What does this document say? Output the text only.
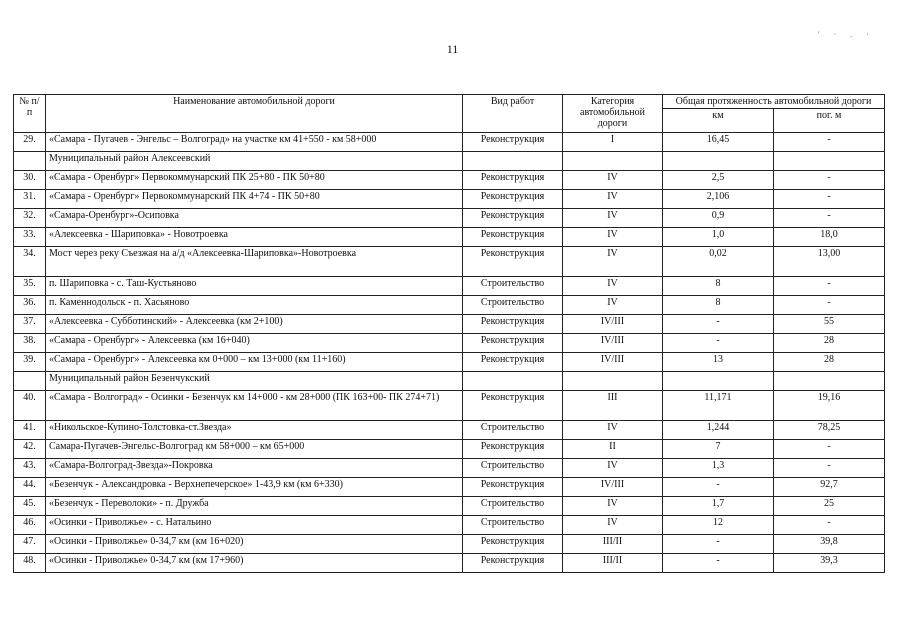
11
' · . ·
№ п/п	Наименование автомобильной дороги	Вид работ	Категория автомобильной дороги	Общая протяженность автомобильной дороги	
				км	пог. м
29.	«Самара - Пугачев - Энгельс – Волгоград» на участке км 41+550 - км 58+000	Реконструкция	I	16,45	-
	Муниципальный район Алексеевский				
30.	«Самара - Оренбург» Первокоммунарский ПК 25+80 - ПК 50+80	Реконструкция	IV	2,5	-
31.	«Самара - Оренбург» Первокоммунарский ПК 4+74 - ПК 50+80	Реконструкция	IV	2,106	-
32.	«Самара-Оренбург»-Осиповка	Реконструкция	IV	0,9	-
33.	«Алексеевка - Шариповка» - Новотроевка	Реконструкция	IV	1,0	18,0
34.	Мост через реку Съезжая на а/д «Алексеевка-Шариповка»-Новотроевка	Реконструкция	IV	0,02	13,00
35.	п. Шариповка - с. Таш-Кустьяново	Строительство	IV	8	-
36.	п. Каменнодольск - п. Хасьяново	Строительство	IV	8	-
37.	«Алексеевка - Субботинский» - Алексеевка (км 2+100)	Реконструкция	IV/III	-	55
38.	«Самара - Оренбург» - Алексеевка (км 16+040)	Реконструкция	IV/III	-	28
39.	«Самара - Оренбург» - Алексеевка км 0+000 – км 13+000 (км 11+160)	Реконструкция	IV/III	13	28
	Муниципальный район Безенчукский				
40.	«Самара - Волгоград» - Осинки - Безенчук км 14+000 - км 28+000 (ПК 163+00- ПК 274+71)	Реконструкция	III	11,171	19,16
41.	«Никольское-Купино-Толстовка-ст.Звезда»	Строительство	IV	1,244	78,25
42.	Самара-Пугачев-Энгельс-Волгоград км 58+000 – км 65+000	Реконструкция	II	7	-
43.	«Самара-Волгоград-Звезда»-Покровка	Строительство	IV	1,3	-
44.	«Безенчук - Александровка - Верхнепечерское» 1-43,9 км (км 6+330)	Реконструкция	IV/III	-	92,7
45.	«Безенчук - Переволоки» - п. Дружба	Строительство	IV	1,7	25
46.	«Осинки - Приволжье» - с. Натальино	Строительство	IV	12	-
47.	«Осинки - Приволжье» 0-34,7 км (км 16+020)	Реконструкция	III/II	-	39,8
48.	«Осинки - Приволжье» 0-34,7 км (км 17+960)	Реконструкция	III/II	-	39,3
